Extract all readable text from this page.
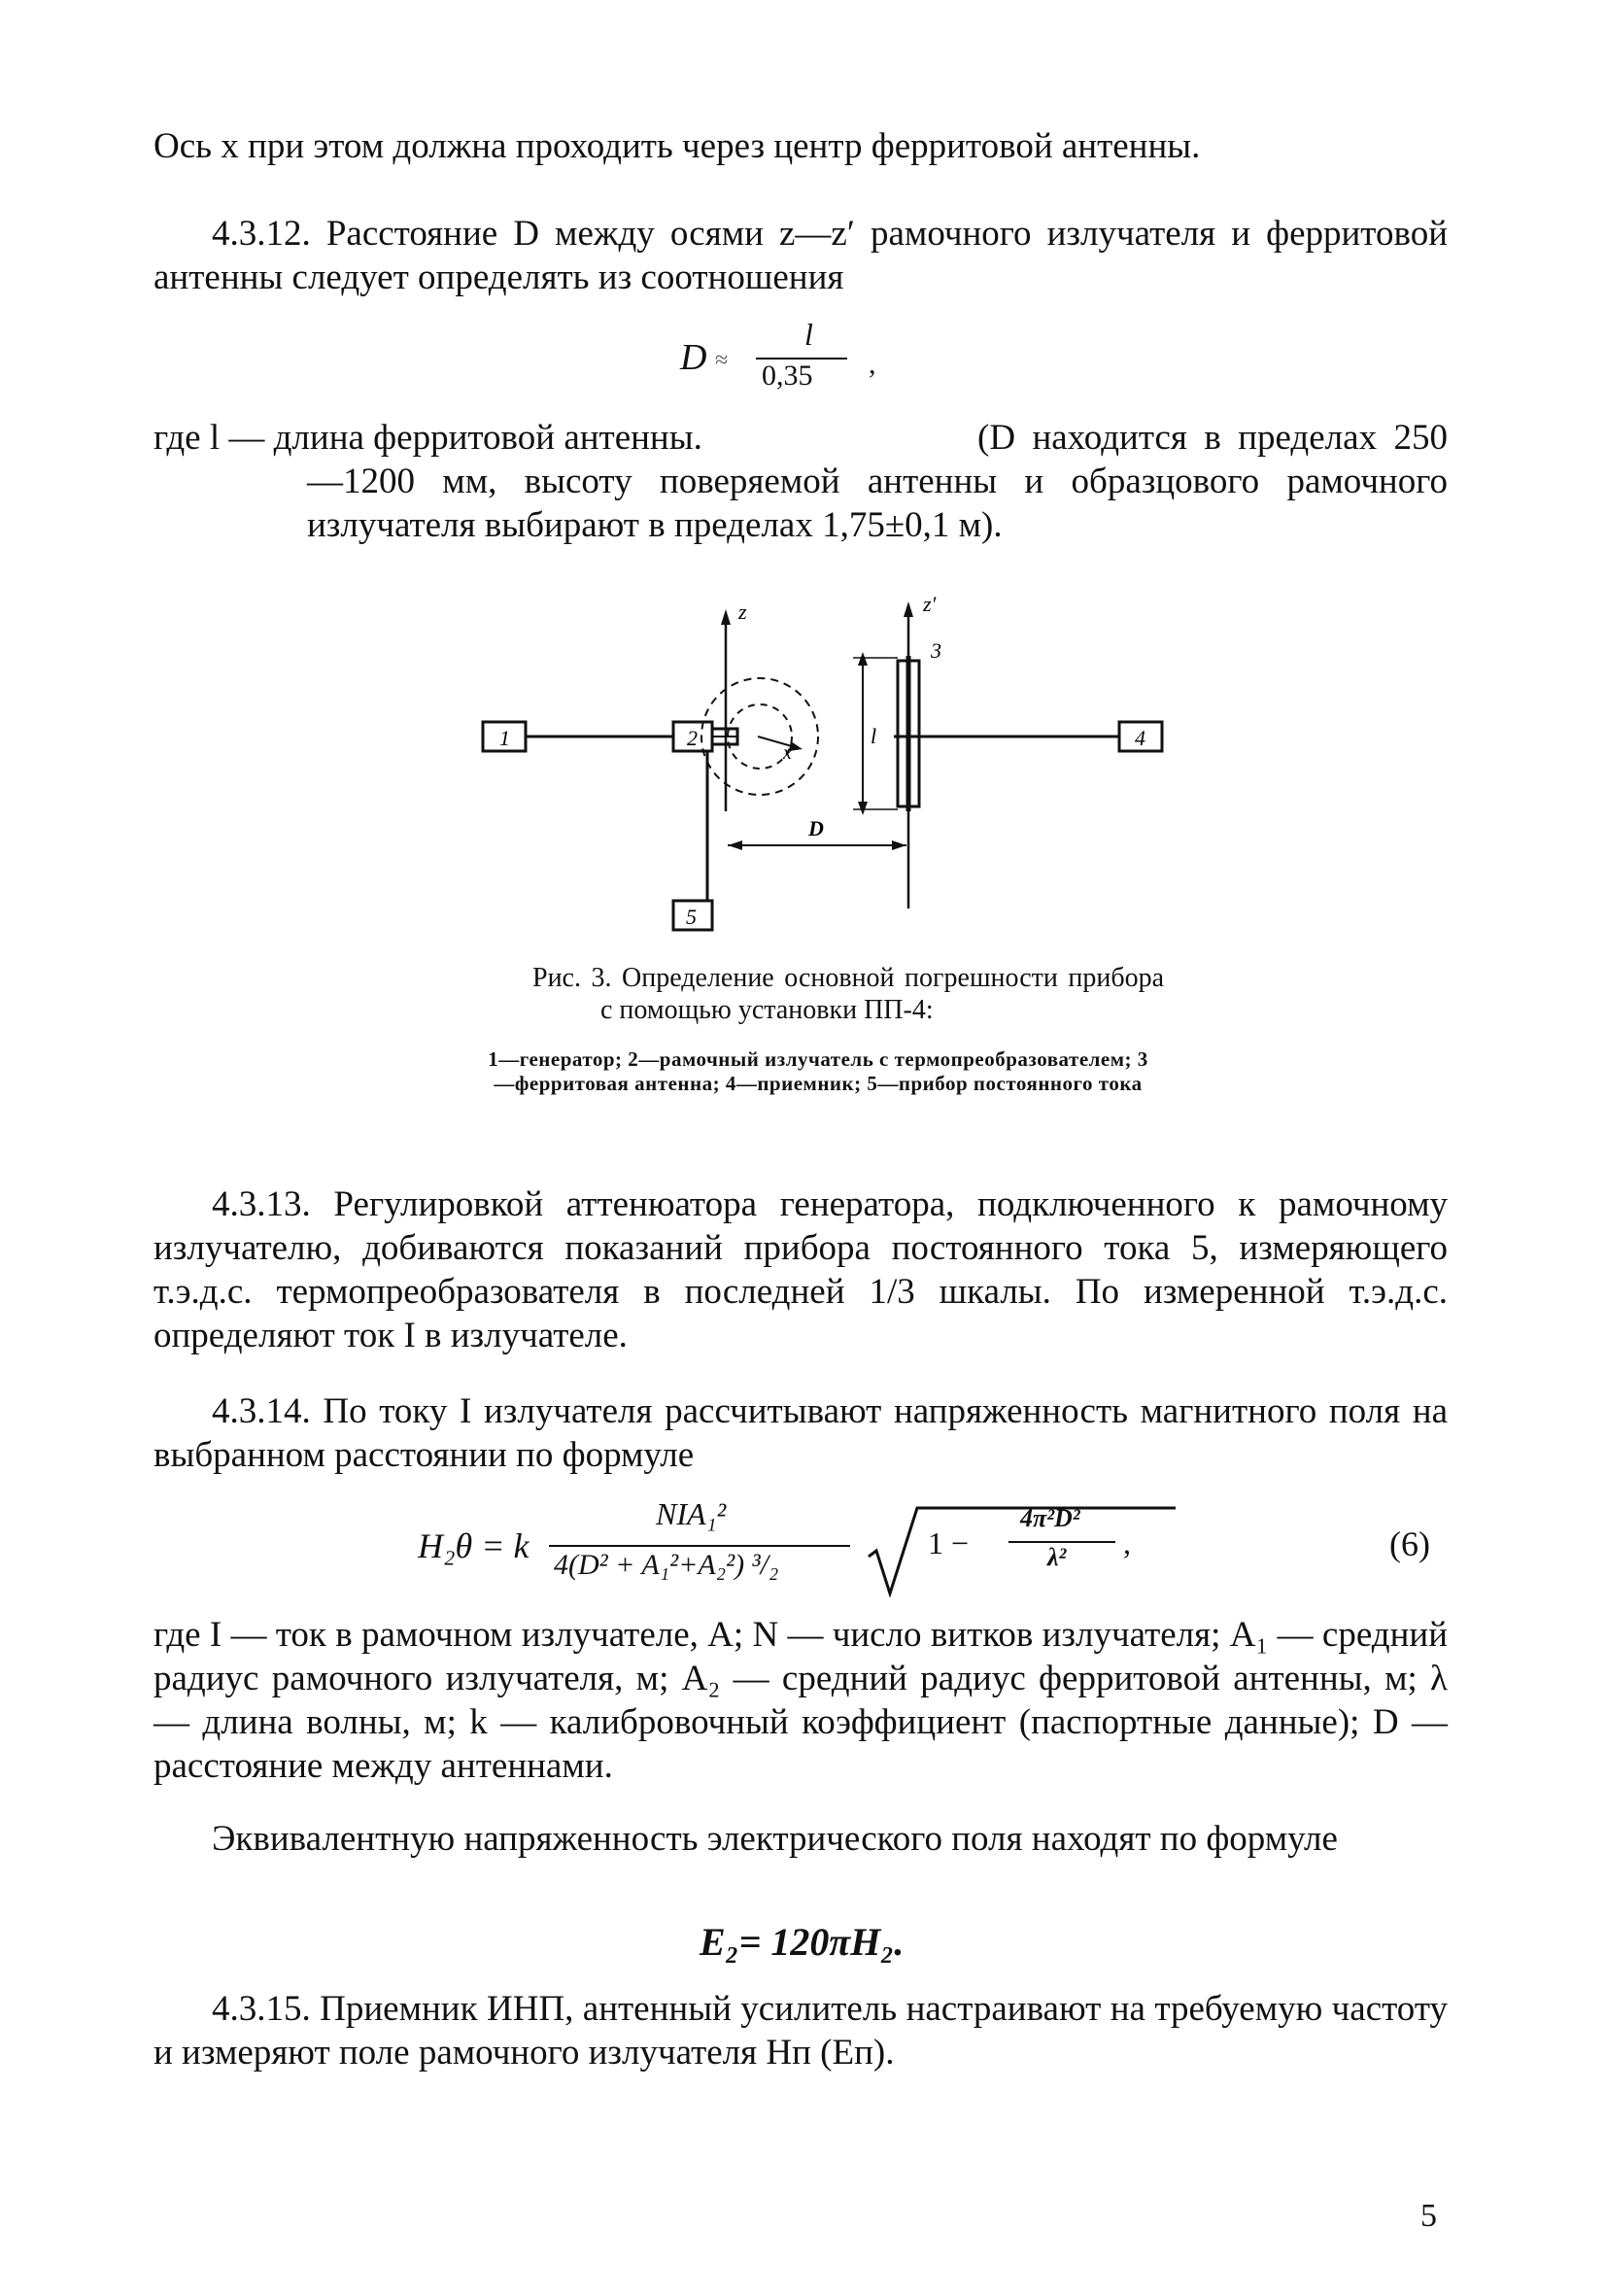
Ось x при этом должна проходить через центр ферритовой антенны.

4.3.12. Расстояние D между осями z—z′ рамочного излучателя и ферритовой антенны следует определять из соотношения

D ≈
l
0,35 ,

где l — длина ферритовой антенны.	(D находится в пределах 250—1200 мм, высоту поверяемой антенны и образцового рамочного излучателя выбирают в пределах 1,75±0,1 м).

1	2
5
z
x
z′
3
l	4
D

Рис. 3. Определение основной погрешности прибора с помощью установки ПП-4:

1—генератор; 2—рамочный излучатель с термопреобразователем; 3—ферритовая антенна; 4—приемник; 5—прибор постоянного тока

4.3.13. Регулировкой аттенюатора генератора, подключенного к рамочному излучателю, добиваются показаний прибора постоянного тока 5, измеряющего т.э.д.с. термопреобразователя в последней 1/3 шкалы. По измеренной т.э.д.с. определяют ток I в излучателе.

4.3.14. По току I излучателя рассчитывают напряженность магнитного поля на выбранном расстоянии по формуле

H₂θ = k
NIA₁²
4(D² + A₁²+A₂²) ³/₂
1 −
4π²D²
λ² ,	(6)

где I — ток в рамочном излучателе, А; N — число витков излучателя; A₁ — средний радиус рамочного излучателя, м; A₂ — средний радиус ферритовой антенны, м; λ — длина волны, м; k — калибровочный коэффициент (паспортные данные); D — расстояние между антеннами.

Эквивалентную напряженность электрического поля находят по формуле

E₂= 120πH₂.

4.3.15. Приемник ИНП, антенный усилитель настраивают на требуемую частоту и измеряют поле рамочного излучателя Hп (Eп).

5
